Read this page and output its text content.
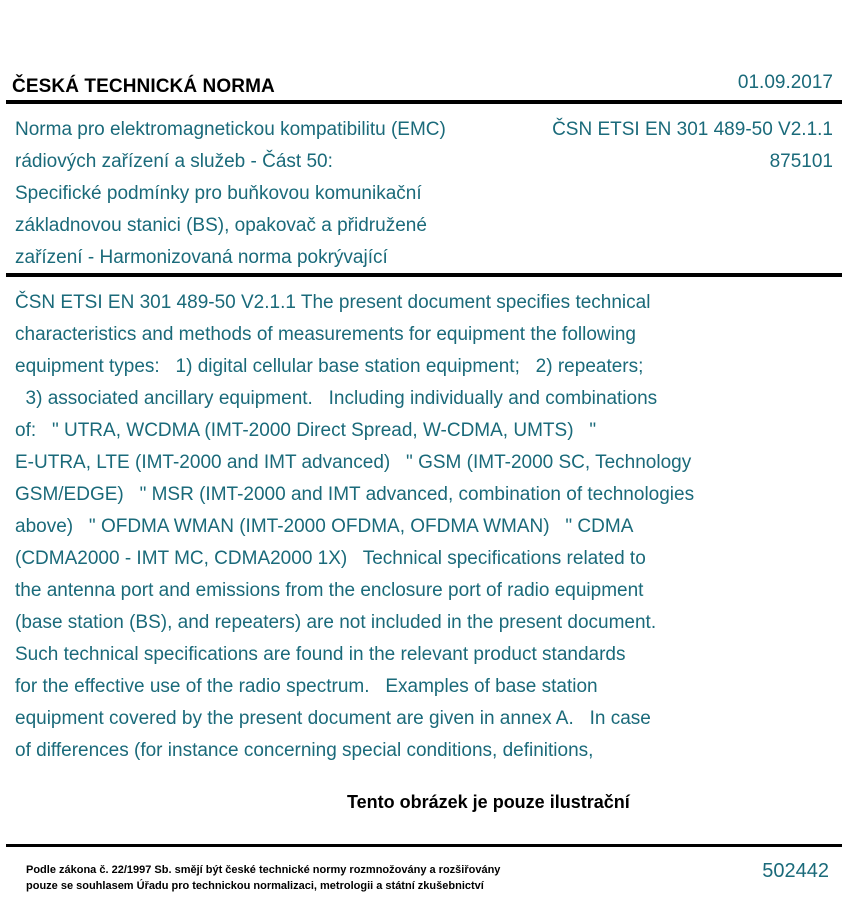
ČESKÁ TECHNICKÁ NORMA	01.09.2017
Norma pro elektromagnetickou kompatibilitu (EMC)
rádiových zařízení a služeb - Část 50:
Specifické podmínky pro buňkovou komunikační
základnovou stanici (BS), opakovač a přidružené
zařízení - Harmonizovaná norma pokrývající
ČSN ETSI EN 301 489-50 V2.1.1
875101
ČSN ETSI EN 301 489-50 V2.1.1 The present document specifies technical
characteristics and methods of measurements for equipment the following
equipment types:   1) digital cellular base station equipment;   2) repeaters;
3) associated ancillary equipment.   Including individually and combinations
of:   " UTRA, WCDMA (IMT-2000 Direct Spread, W-CDMA, UMTS)   "
E-UTRA, LTE (IMT-2000 and IMT advanced)   " GSM (IMT-2000 SC, Technology
GSM/EDGE)   " MSR (IMT-2000 and IMT advanced, combination of technologies
above)   " OFDMA WMAN (IMT-2000 OFDMA, OFDMA WMAN)   " CDMA
(CDMA2000 - IMT MC, CDMA2000 1X)   Technical specifications related to
the antenna port and emissions from the enclosure port of radio equipment
(base station (BS), and repeaters) are not included in the present document.
Such technical specifications are found in the relevant product standards
for the effective use of the radio spectrum.   Examples of base station
equipment covered by the present document are given in annex A.   In case
of differences (for instance concerning special conditions, definitions,
Tento obrázek je pouze ilustrační
Podle zákona č. 22/1997 Sb. smějí být české technické normy rozmnožovány a rozšiřovány
pouze se souhlasem Úřadu pro technickou normalizaci, metrologii a státní zkušebnictví
502442
